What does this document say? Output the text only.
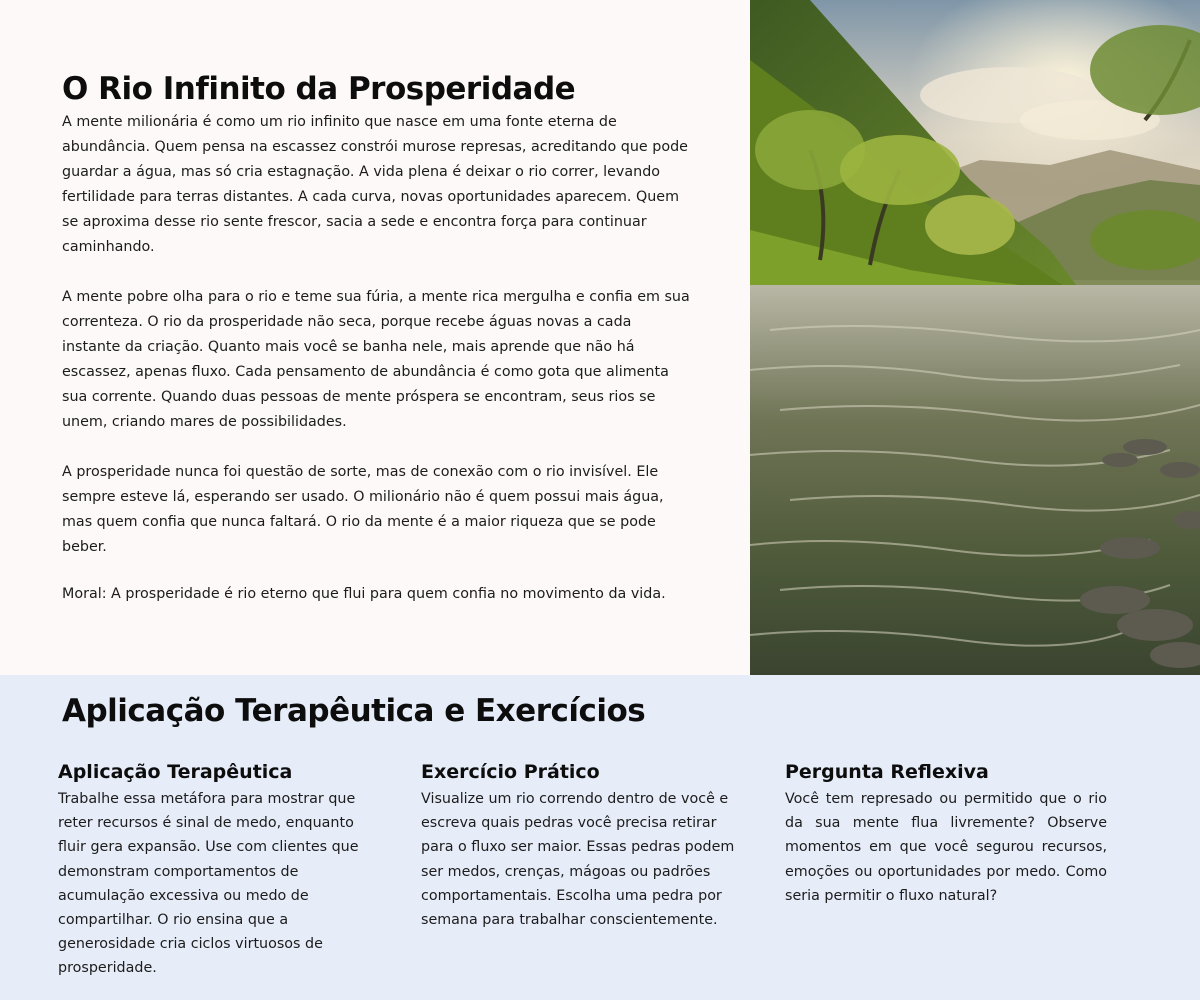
O Rio Infinito da Prosperidade

A mente milionária é como um rio infinito que nasce em uma fonte eterna de abundância. Quem pensa na escassez constrói murose represas, acreditando que pode guardar a água, mas só cria estagnação. A vida plena é deixar o rio correr, levando fertilidade para terras distantes. A cada curva, novas oportunidades aparecem. Quem se aproxima desse rio sente frescor, sacia a sede e encontra força para continuar caminhando.

A mente pobre olha para o rio e teme sua fúria, a mente rica mergulha e confia em sua correnteza. O rio da prosperidade não seca, porque recebe águas novas a cada instante da criação. Quanto mais você se banha nele, mais aprende que não há escassez, apenas fluxo. Cada pensamento de abundância é como gota que alimenta sua corrente. Quando duas pessoas de mente próspera se encontram, seus rios se unem, criando mares de possibilidades.

A prosperidade nunca foi questão de sorte, mas de conexão com o rio invisível. Ele sempre esteve lá, esperando ser usado. O milionário não é quem possui mais água, mas quem confia que nunca faltará. O rio da mente é a maior riqueza que se pode beber.

Moral: A prosperidade é rio eterno que flui para quem confia no movimento da vida.

Aplicação Terapêutica e Exercícios
Aplicação Terapêutica

Trabalhe essa metáfora para mostrar que reter recursos é sinal de medo, enquanto fluir gera expansão. Use com clientes que demonstram comportamentos de acumulação excessiva ou medo de compartilhar. O rio ensina que a generosidade cria ciclos virtuosos de prosperidade.

Exercício Prático

Visualize um rio correndo dentro de você e escreva quais pedras você precisa retirar para o fluxo ser maior. Essas pedras podem ser medos, crenças, mágoas ou padrões comportamentais. Escolha uma pedra por semana para trabalhar conscientemente.

Pergunta Reflexiva

Você tem represado ou permitido que o rio da sua mente flua livremente? Observe momentos em que você segurou recursos, emoções ou oportunidades por medo. Como seria permitir o fluxo natural?
